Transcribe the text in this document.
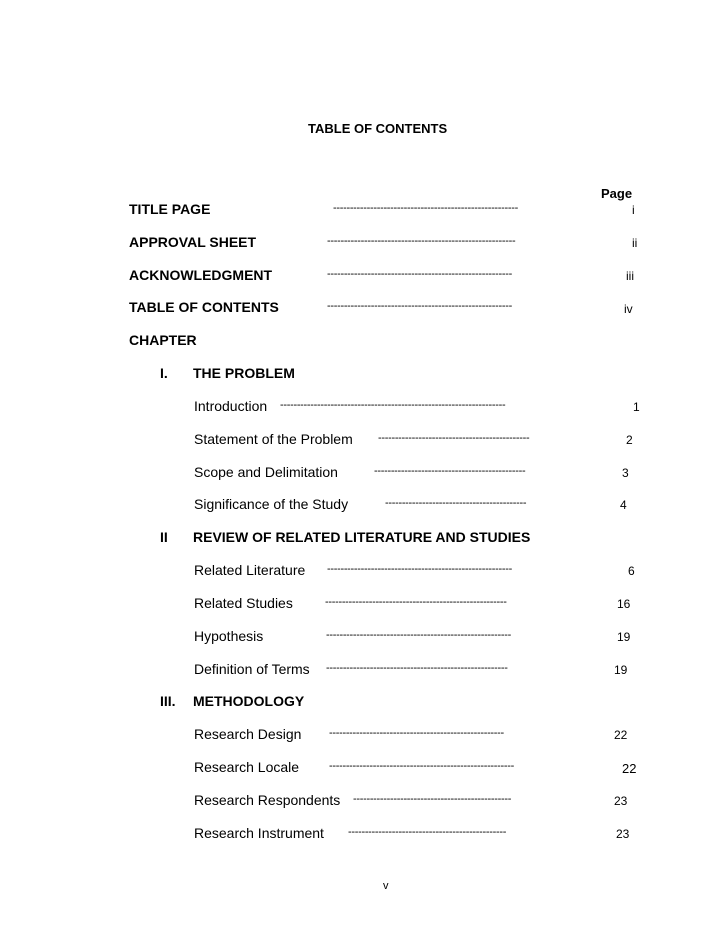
TABLE OF CONTENTS
Page
TITLE PAGE	-------------------------------------------------------	i
APPROVAL SHEET	--------------------------------------------------------	ii
ACKNOWLEDGMENT	-------------------------------------------------------	iii
TABLE OF CONTENTS	-------------------------------------------------------	iv
CHAPTER
I. THE PROBLEM
Introduction -------------------------------------------------------------------	1
Statement of the Problem ---------------------------------------------	2
Scope and Delimitation	---------------------------------------------	3
Significance of the Study	------------------------------------------	4
II REVIEW OF RELATED LITERATURE AND STUDIES
Related Literature -------------------------------------------------------	6
Related Studies	------------------------------------------------------	16
Hypothesis	-------------------------------------------------------	19
Definition of Terms ------------------------------------------------------	19
III. METHODOLOGY
Research Design	----------------------------------------------------	22
Research Locale	-------------------------------------------------------	22
Research Respondents -----------------------------------------------	23
Research Instrument -----------------------------------------------	23
v
